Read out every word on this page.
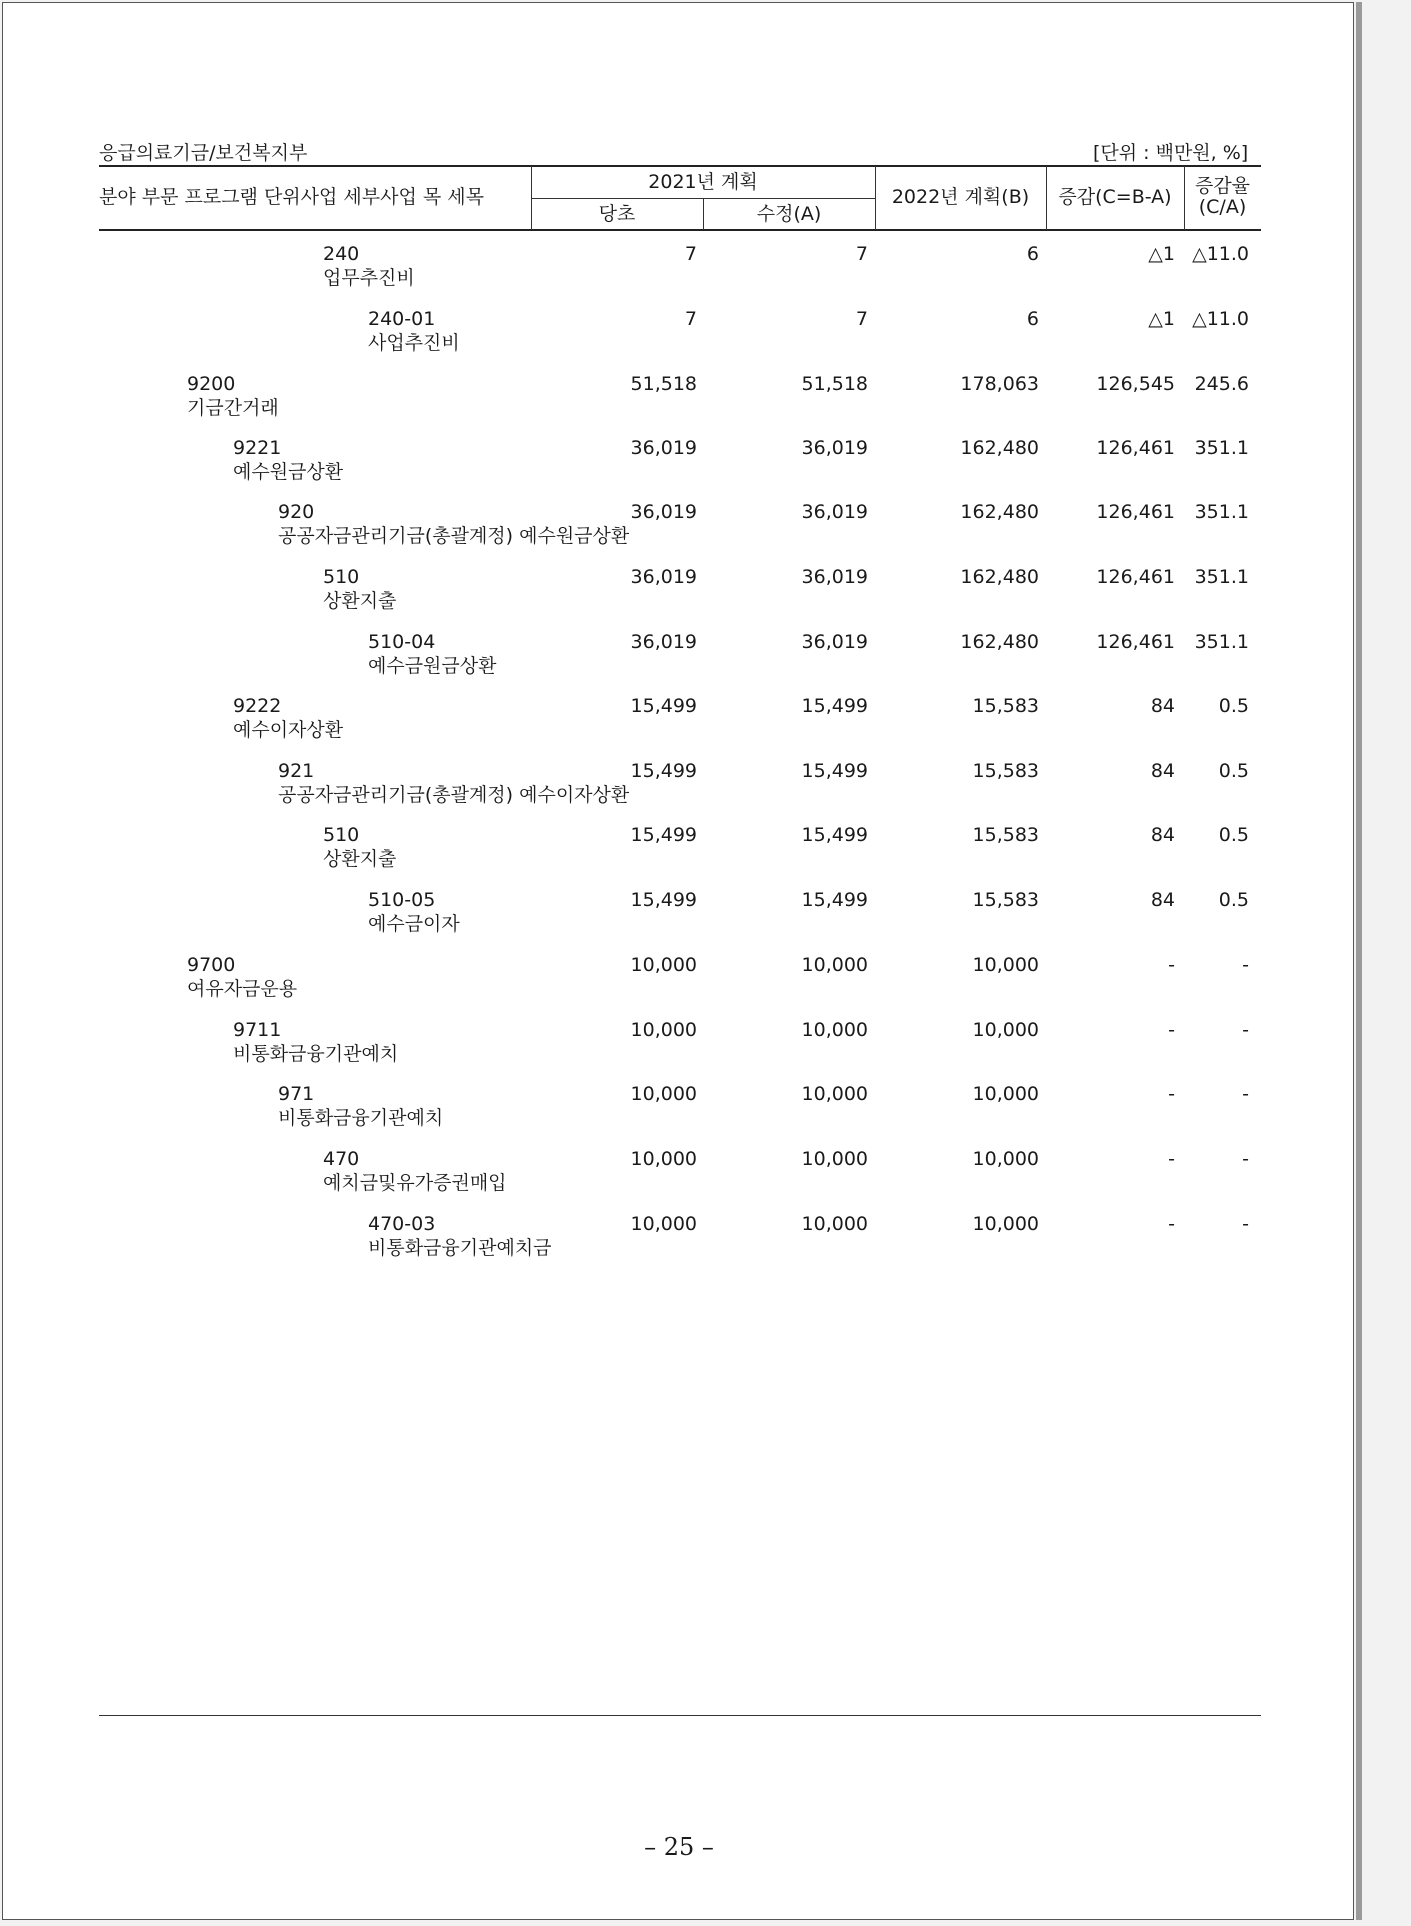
응급의료기금/보건복지부	[단위 : 백만원, %]
분야 부문 프로그램 단위사업 세부사업 목 세목
2021년 계획
당초	수정(A)
2022년 계획(B)	증감(C=B-A)	증감율
(C/A)
240
업무추진비
7	7	6	△1 △11.0
240-01
사업추진비
7	7	6	△1 △11.0
9200
기금간거래
51,518	51,518	178,063	126,545 245.6
9221
예수원금상환
36,019	36,019	162,480	126,461 351.1
920
공공자금관리기금(총괄계정) 예수원금상환
36,019	36,019	162,480	126,461 351.1
510
상환지출
36,019	36,019	162,480	126,461 351.1
510-04
예수금원금상환
36,019	36,019	162,480	126,461 351.1
9222
예수이자상환
15,499	15,499	15,583	84 0.5
921
공공자금관리기금(총괄계정) 예수이자상환
15,499	15,499	15,583	84 0.5
510
상환지출
15,499	15,499	15,583	84 0.5
510-05
예수금이자
15,499	15,499	15,583	84 0.5
9700
여유자금운용
10,000	10,000	10,000	-	-
9711
비통화금융기관예치
10,000	10,000	10,000	-	-
971
비통화금융기관예치
10,000	10,000	10,000	-	-
470
예치금및유가증권매입
10,000	10,000	10,000	-	-
470-03
비통화금융기관예치금
10,000	10,000	10,000	-	-
– 25 –
